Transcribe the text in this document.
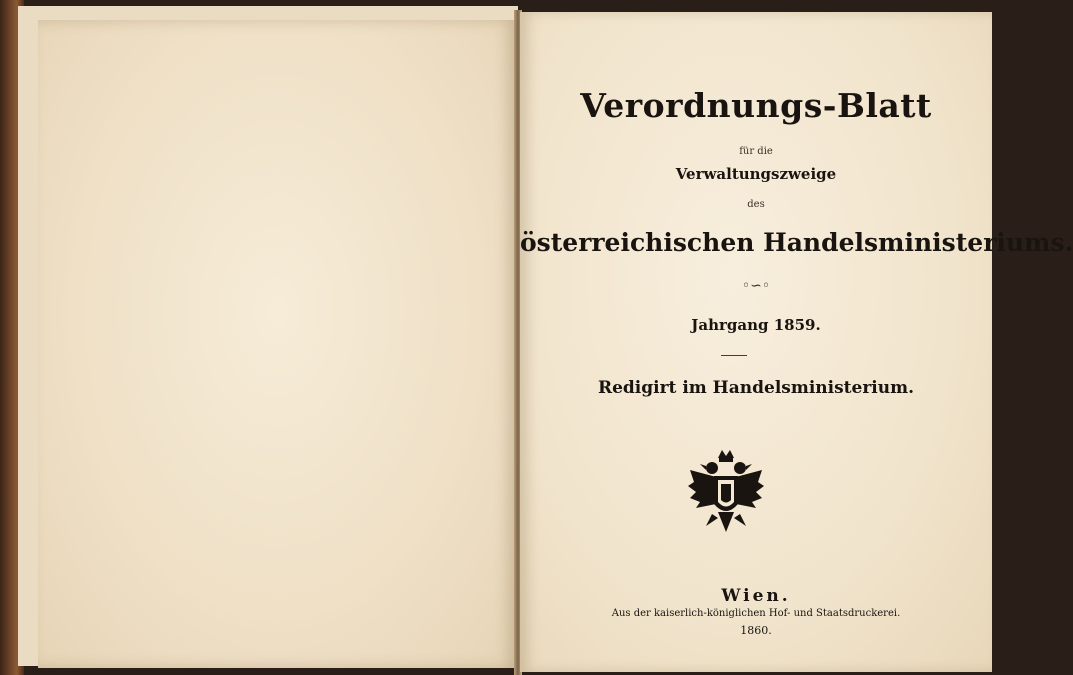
Verordnungs-Blatt
für die
Verwaltungszweige
des
österreichischen Handelsministeriums.
◦∽◦
Jahrgang 1859.
Redigirt im Handelsministerium.
Wien.
Aus der kaiserlich-königlichen Hof- und Staatsdruckerei.
1860.
